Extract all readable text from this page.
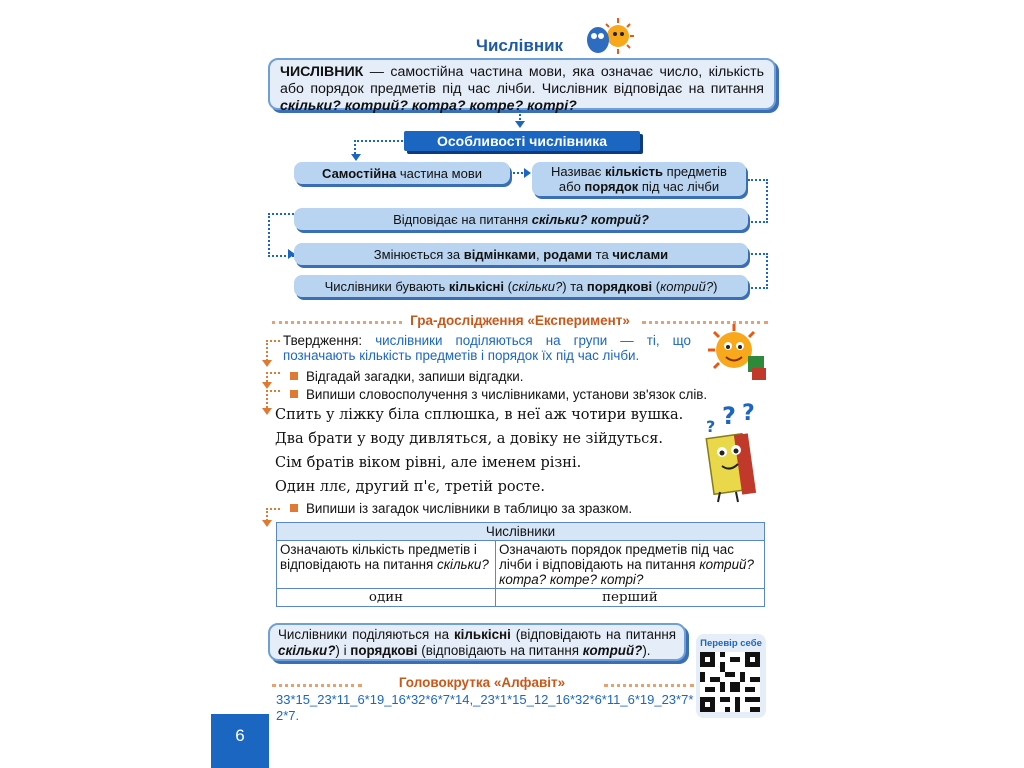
Числівник
ЧИСЛІВНИК — самостійна частина мови, яка означає число, кількість або порядок предметів під час лічби. Числівник відповідає на питання скільки? котрий? котра? котре? котрі?
Особливості числівника
Самостійна частина мови	Називає кількість предметів
або порядок під час лічби
Відповідає на питання скільки? котрий?
Змінюється за відмінками, родами та числами
Числівники бувають кількісні (скільки?) та порядкові (котрий?)
Гра-дослідження «Експеримент»
Твердження: числівники поділяються на групи — ті, що позначають кількість предметів і порядок їх під час лічби.
Відгадай загадки, запиши відгадки.
Випиши словосполучення з числівниками, установи зв'язок слів.
Спить у ліжку біла сплюшка, в неї аж чотири вушка.
Два брати у воду дивляться, а довіку не зійдуться.
Сім братів віком рівні, але іменем різні.
Один ллє, другий п'є, третій росте.
? ?
?
Випиши із загадок числівники в таблицю за зразком.
Числівники	
Означають кількість предметів і відповідають на питання скільки?	Означають порядок предметів під час лічби і відповідають на питання котрий? котра? котре? котрі?
один	перший
Числівники поділяються на кількісні (відповідають на питання скільки?) і порядкові (відповідають на питання котрий?).	Перевір себе
Головокрутка «Алфавіт»
33*15_23*11_6*19_16*32*6*7*14,_23*1*15_12_16*32*6*11_6*19_23*7*2*7.
6
